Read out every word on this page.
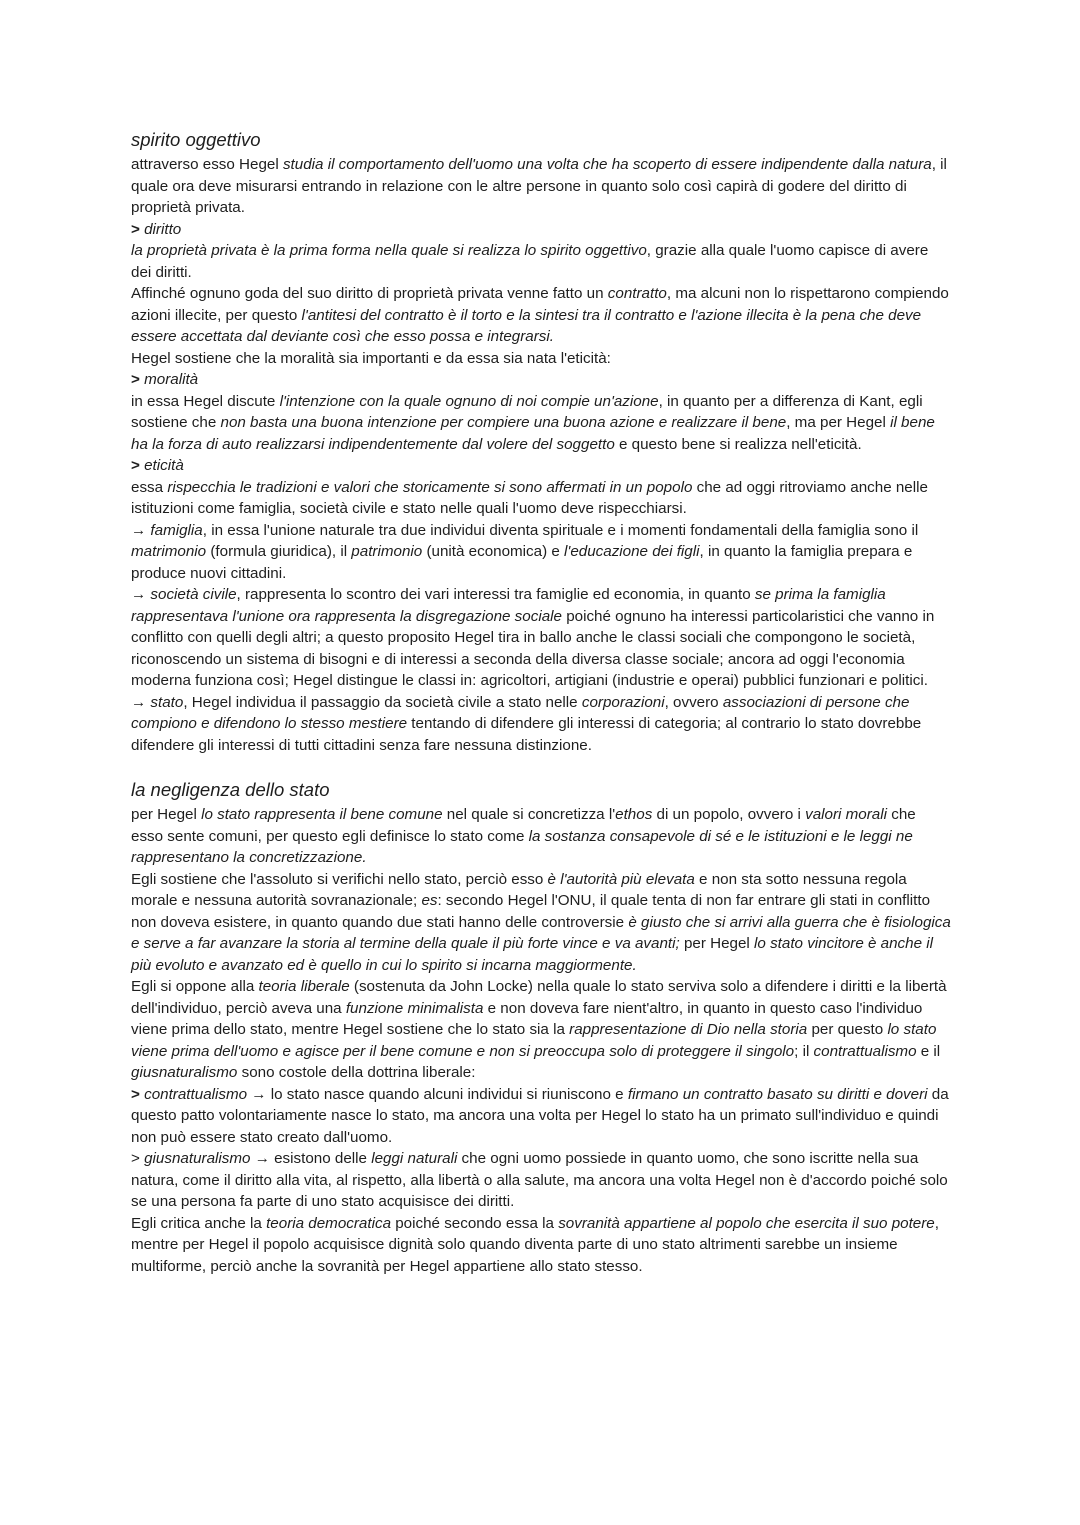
spirito oggettivo

attraverso esso Hegel studia il comportamento dell'uomo una volta che ha scoperto di essere indipendente dalla natura, il quale ora deve misurarsi entrando in relazione con le altre persone in quanto solo così capirà di godere del diritto di proprietà privata.

> diritto

la proprietà privata è la prima forma nella quale si realizza lo spirito oggettivo, grazie alla quale l'uomo capisce di avere dei diritti.

Affinché ognuno goda del suo diritto di proprietà privata venne fatto un contratto, ma alcuni non lo rispettarono compiendo azioni illecite, per questo l'antitesi del contratto è il torto e la sintesi tra il contratto e l'azione illecita è la pena che deve essere accettata dal deviante così che esso possa e integrarsi.

Hegel sostiene che la moralità sia importanti e da essa sia nata l'eticità:

> moralità

in essa Hegel discute l'intenzione con la quale ognuno di noi compie un'azione, in quanto per a differenza di Kant, egli sostiene che non basta una buona intenzione per compiere una buona azione e realizzare il bene, ma per Hegel il bene ha la forza di auto realizzarsi indipendentemente dal volere del soggetto e questo bene si realizza nell'eticità.

> eticità

essa rispecchia le tradizioni e valori che storicamente si sono affermati in un popolo che ad oggi ritroviamo anche nelle istituzioni come famiglia, società civile e stato nelle quali l'uomo deve rispecchiarsi.

→ famiglia, in essa l'unione naturale tra due individui diventa spirituale e i momenti fondamentali della famiglia sono il matrimonio (formula giuridica), il patrimonio (unità economica) e l'educazione dei figli, in quanto la famiglia prepara e produce nuovi cittadini.

→ società civile, rappresenta lo scontro dei vari interessi tra famiglie ed economia, in quanto se prima la famiglia rappresentava l'unione ora rappresenta la disgregazione sociale poiché ognuno ha interessi particolaristici che vanno in conflitto con quelli degli altri; a questo proposito Hegel tira in ballo anche le classi sociali che compongono le società, riconoscendo un sistema di bisogni e di interessi a seconda della diversa classe sociale; ancora ad oggi l'economia moderna funziona così; Hegel distingue le classi in: agricoltori, artigiani (industrie e operai) pubblici funzionari e politici.

→ stato, Hegel individua il passaggio da società civile a stato nelle corporazioni, ovvero associazioni di persone che compiono e difendono lo stesso mestiere tentando di difendere gli interessi di categoria; al contrario lo stato dovrebbe difendere gli interessi di tutti cittadini senza fare nessuna distinzione.

la negligenza dello stato

per Hegel lo stato rappresenta il bene comune nel quale si concretizza l'ethos di un popolo, ovvero i valori morali che esso sente comuni, per questo egli definisce lo stato come la sostanza consapevole di sé e le istituzioni e le leggi ne rappresentano la concretizzazione.

Egli sostiene che l'assoluto si verifichi nello stato, perciò esso è l'autorità più elevata e non sta sotto nessuna regola morale e nessuna autorità sovranazionale; es: secondo Hegel l'ONU, il quale tenta di non far entrare gli stati in conflitto non doveva esistere, in quanto quando due stati hanno delle controversie è giusto che si arrivi alla guerra che è fisiologica e serve a far avanzare la storia al termine della quale il più forte vince e va avanti; per Hegel lo stato vincitore è anche il più evoluto e avanzato ed è quello in cui lo spirito si incarna maggiormente.

Egli si oppone alla teoria liberale (sostenuta da John Locke) nella quale lo stato serviva solo a difendere i diritti e la libertà dell'individuo, perciò aveva una funzione minimalista e non doveva fare nient'altro, in quanto in questo caso l'individuo viene prima dello stato, mentre Hegel sostiene che lo stato sia la rappresentazione di Dio nella storia per questo lo stato viene prima dell'uomo e agisce per il bene comune e non si preoccupa solo di proteggere il singolo; il contrattualismo e il giusnaturalismo sono costole della dottrina liberale:

> contrattualismo → lo stato nasce quando alcuni individui si riuniscono e firmano un contratto basato su diritti e doveri da questo patto volontariamente nasce lo stato, ma ancora una volta per Hegel lo stato ha un primato sull'individuo e quindi non può essere stato creato dall'uomo.

> giusnaturalismo → esistono delle leggi naturali che ogni uomo possiede in quanto uomo, che sono iscritte nella sua natura, come il diritto alla vita, al rispetto, alla libertà o alla salute, ma ancora una volta Hegel non è d'accordo poiché solo se una persona fa parte di uno stato acquisisce dei diritti.

Egli critica anche la teoria democratica poiché secondo essa la sovranità appartiene al popolo che esercita il suo potere, mentre per Hegel il popolo acquisisce dignità solo quando diventa parte di uno stato altrimenti sarebbe un insieme multiforme, perciò anche la sovranità per Hegel appartiene allo stato stesso.
